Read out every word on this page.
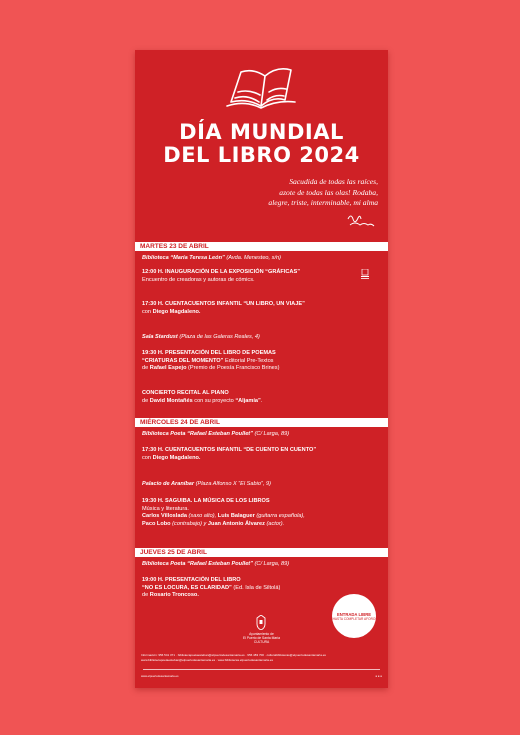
DÍA MUNDIAL
DEL LIBRO 2024
Sacudida de todas las raíces,
azote de todas las olas! Rodaba,
alegre, triste, interminable, mi alma
MARTES 23 DE ABRIL
Biblioteca “María Teresa León” (Avda. Menesteo, s/n)
12:00 H. INAUGURACIÓN DE LA EXPOSICIÓN “GRÁFICAS”
Encuentro de creadoras y autoras de cómics.
17:30 H. CUENTACUENTOS INFANTIL “UN LIBRO, UN VIAJE”
con Diego Magdaleno.
Sala Stardust (Plaza de las Galeras Reales, 4)
19:30 H. PRESENTACIÓN DEL LIBRO DE POEMAS
“CRIATURAS DEL MOMENTO” Editorial Pre-Textos
de Rafael Espejo (Premio de Poesía Francisco Brines)
CONCIERTO RECITAL AL PIANO
de David Montañés con su proyecto “Aljamía”.
MIÉRCOLES 24 DE ABRIL
Biblioteca Poeta “Rafael Esteban Poullet” (C/ Larga, 89)
17:30 H. CUENTACUENTOS INFANTIL “DE CUENTO EN CUENTO”
con Diego Magdaleno.
Palacio de Araníbar (Plaza Alfonso X “El Sabio”, 9)
19:30 H. SAGUIBA. LA MÚSICA DE LOS LIBROS
Música y literatura.
Carlos Villoslada (saxo alto), Luis Balaguer (guitarra española),
Paco Lobo (contrabajo) y Juan Antonio Álvarez (actor).
JUEVES 25 DE ABRIL
Biblioteca Poeta “Rafael Esteban Poullet” (C/ Larga, 89)
19:00 H. PRESENTACIÓN DEL LIBRO
“NO ES LOCURA, ES CLARIDAD” (Ed. Isla de Siltolá)
de Rosario Troncoso.
ENTRADA LIBRE
HASTA COMPLETAR AFORO
Ayuntamiento de
El Puerto de Santa María
CULTURA
Información: 956 541 371 · bibliotecapoetaesteban@elpuertodesantamaria.es · 956 483 700 · culturabibliotecas@elpuertodesantamaria.es
www.bibliotecapoetaesteban@elpuertodesantamaria.es · www.bibliotecas.elpuertodesantamaria.es
www.elpuertodesantamaria.es	● ● ●
